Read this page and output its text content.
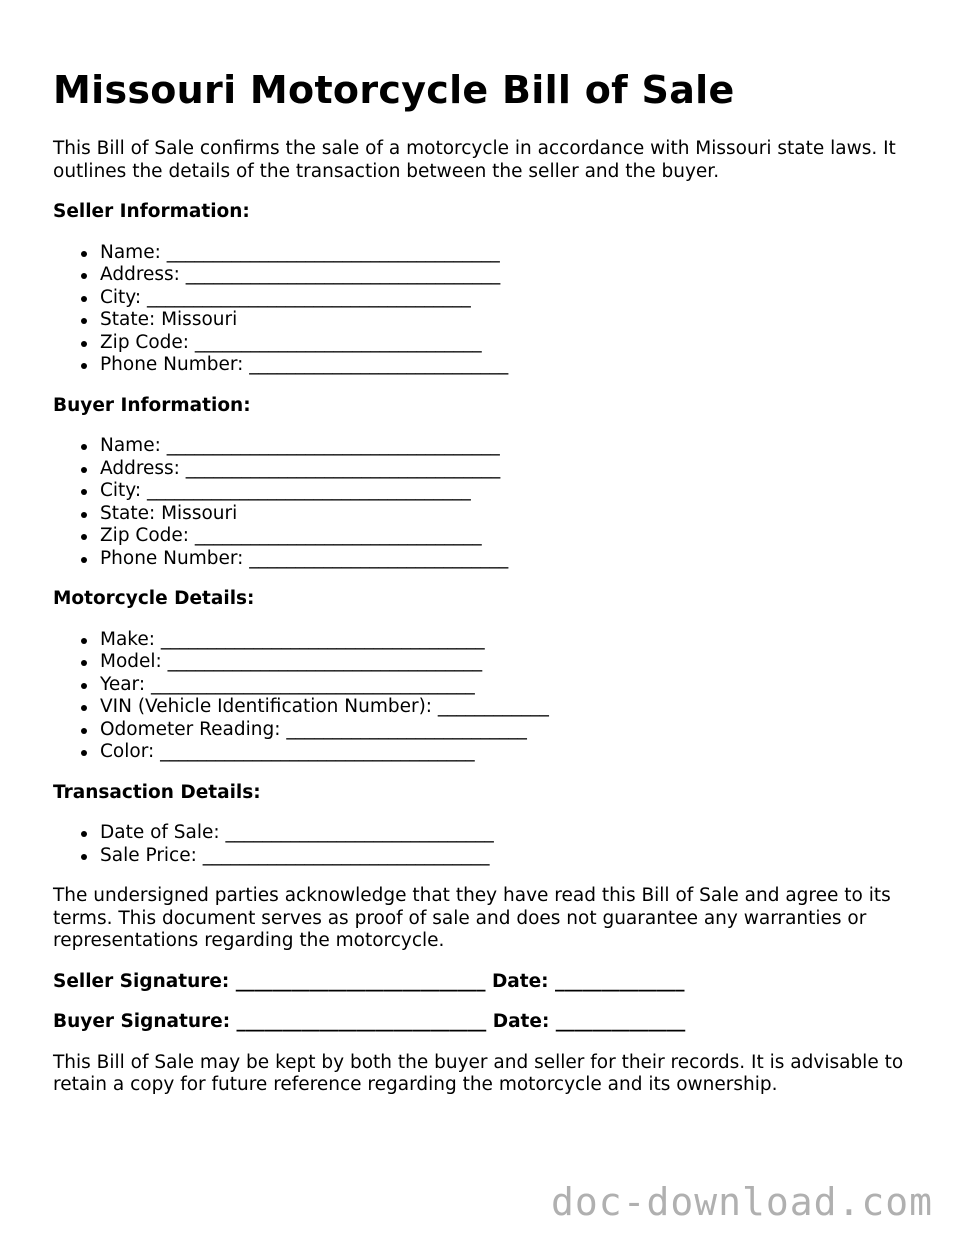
Missouri Motorcycle Bill of Sale

This Bill of Sale confirms the sale of a motorcycle in accordance with Missouri state laws. It outlines the details of the transaction between the seller and the buyer.

Seller Information:
Name: ____________________________________
Address: __________________________________
City: ___________________________________
State: Missouri
Zip Code: _______________________________
Phone Number: ____________________________
Buyer Information:
Name: ____________________________________
Address: __________________________________
City: ___________________________________
State: Missouri
Zip Code: _______________________________
Phone Number: ____________________________
Motorcycle Details:
Make: ___________________________________
Model: __________________________________
Year: ___________________________________
VIN (Vehicle Identification Number): ____________
Odometer Reading: __________________________
Color: __________________________________
Transaction Details:
Date of Sale: _____________________________
Sale Price: _______________________________

The undersigned parties acknowledge that they have read this Bill of Sale and agree to its terms. This document serves as proof of sale and does not guarantee any warranties or representations regarding the motorcycle.

Seller Signature: ___________________________ Date: ______________
Buyer Signature: ___________________________ Date: ______________

This Bill of Sale may be kept by both the buyer and seller for their records. It is advisable to retain a copy for future reference regarding the motorcycle and its ownership.

doc-download.com
